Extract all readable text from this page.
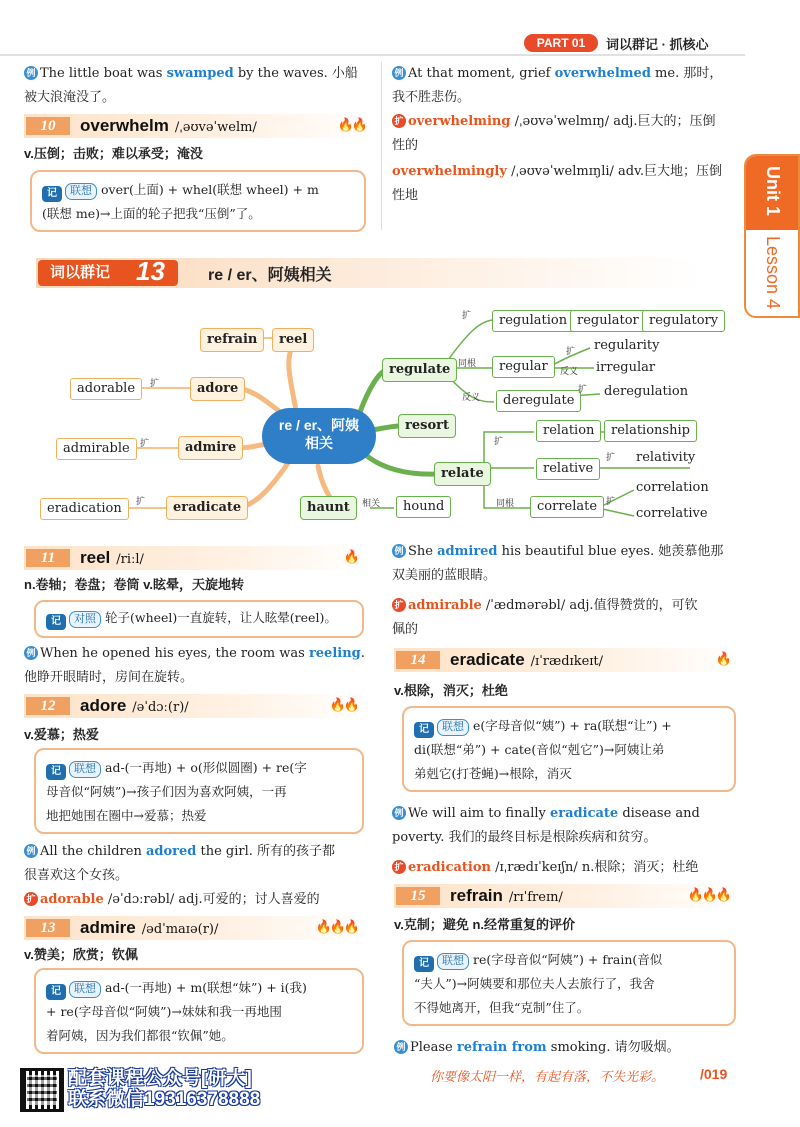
PART 01	词以群记 · 抓核心
Unit 1
Lesson 4
例 The little boat was swamped by the waves. 小船
被大浪淹没了。
10	overwhelm /ˌəʊvəˈwelm/	🔥🔥
v.压倒；击败；难以承受；淹没
记 联想 over(上面) + whel(联想 wheel) + m
(联想 me)→上面的轮子把我“压倒”了。
例 At that moment, grief overwhelmed me. 那时，
我不胜悲伤。
扩 overwhelming /ˌəʊvəˈwelmɪŋ/ adj.巨大的；压倒
性的
overwhelmingly /ˌəʊvəˈwelmɪŋli/ adv.巨大地；压倒
性地
词以群记 13	re / er、阿姨相关
refrain	reel
adore
admire
eradicate	haunt
regulate
resort
relate
adorable
admirable
eradication	hound
regulation regulator regulatory
regular
regularity
irregular
deregulate
deregulation
relation	relationship
relative
relativity
correlate
correlation
correlative
扩
扩
扩	相关
扩
同根
扩
反义
反义
扩
扩
扩
同根	扩
re / er、阿姨
相关
11	reel /riːl/	🔥
n.卷轴；卷盘；卷筒 v.眩晕，天旋地转
记 对照 轮子(wheel)一直旋转，让人眩晕(reel)。
例 When he opened his eyes, the room was reeling.
他睁开眼睛时，房间在旋转。
12	adore /əˈdɔː(r)/	🔥🔥
v.爱慕；热爱
记 联想 ad-(一再地) + o(形似圆圈) + re(字
母音似“阿姨”)→孩子们因为喜欢阿姨，一再
地把她围在圈中→爱慕；热爱
例 All the children adored the girl. 所有的孩子都
很喜欢这个女孩。
扩 adorable /əˈdɔːrəbl/ adj.可爱的；讨人喜爱的
13	admire /ədˈmaɪə(r)/	🔥🔥🔥
v.赞美；欣赏；钦佩
记 联想 ad-(一再地) + m(联想“妹”) + i(我)
+ re(字母音似“阿姨”)→妹妹和我一再地围
着阿姨，因为我们都很“钦佩”她。
例 She admired his beautiful blue eyes. 她羡慕他那
双美丽的蓝眼睛。
扩 admirable /ˈædmərəbl/ adj.值得赞赏的，可钦
佩的
14	eradicate /ɪˈrædɪkeɪt/	🔥
v.根除，消灭；杜绝
记 联想 e(字母音似“姨”) + ra(联想“让”) +
di(联想“弟”) + cate(音似“剋它”)→阿姨让弟
弟剋它(打苍蝇)→根除，消灭
例 We will aim to finally eradicate disease and
poverty. 我们的最终目标是根除疾病和贫穷。
扩 eradication /ɪˌrædɪˈkeɪʃn/ n.根除；消灭；杜绝
15	refrain /rɪˈfreɪn/	🔥🔥🔥
v.克制；避免 n.经常重复的评价
记 联想 re(字母音似“阿姨”) + frain(音似
“夫人”)→阿姨要和那位夫人去旅行了，我舍
不得她离开，但我“克制”住了。
例 Please refrain from smoking. 请勿吸烟。
配套课程公众号[研大]
联系微信19316378888
你要像太阳一样，有起有落，不失光彩。	/019
